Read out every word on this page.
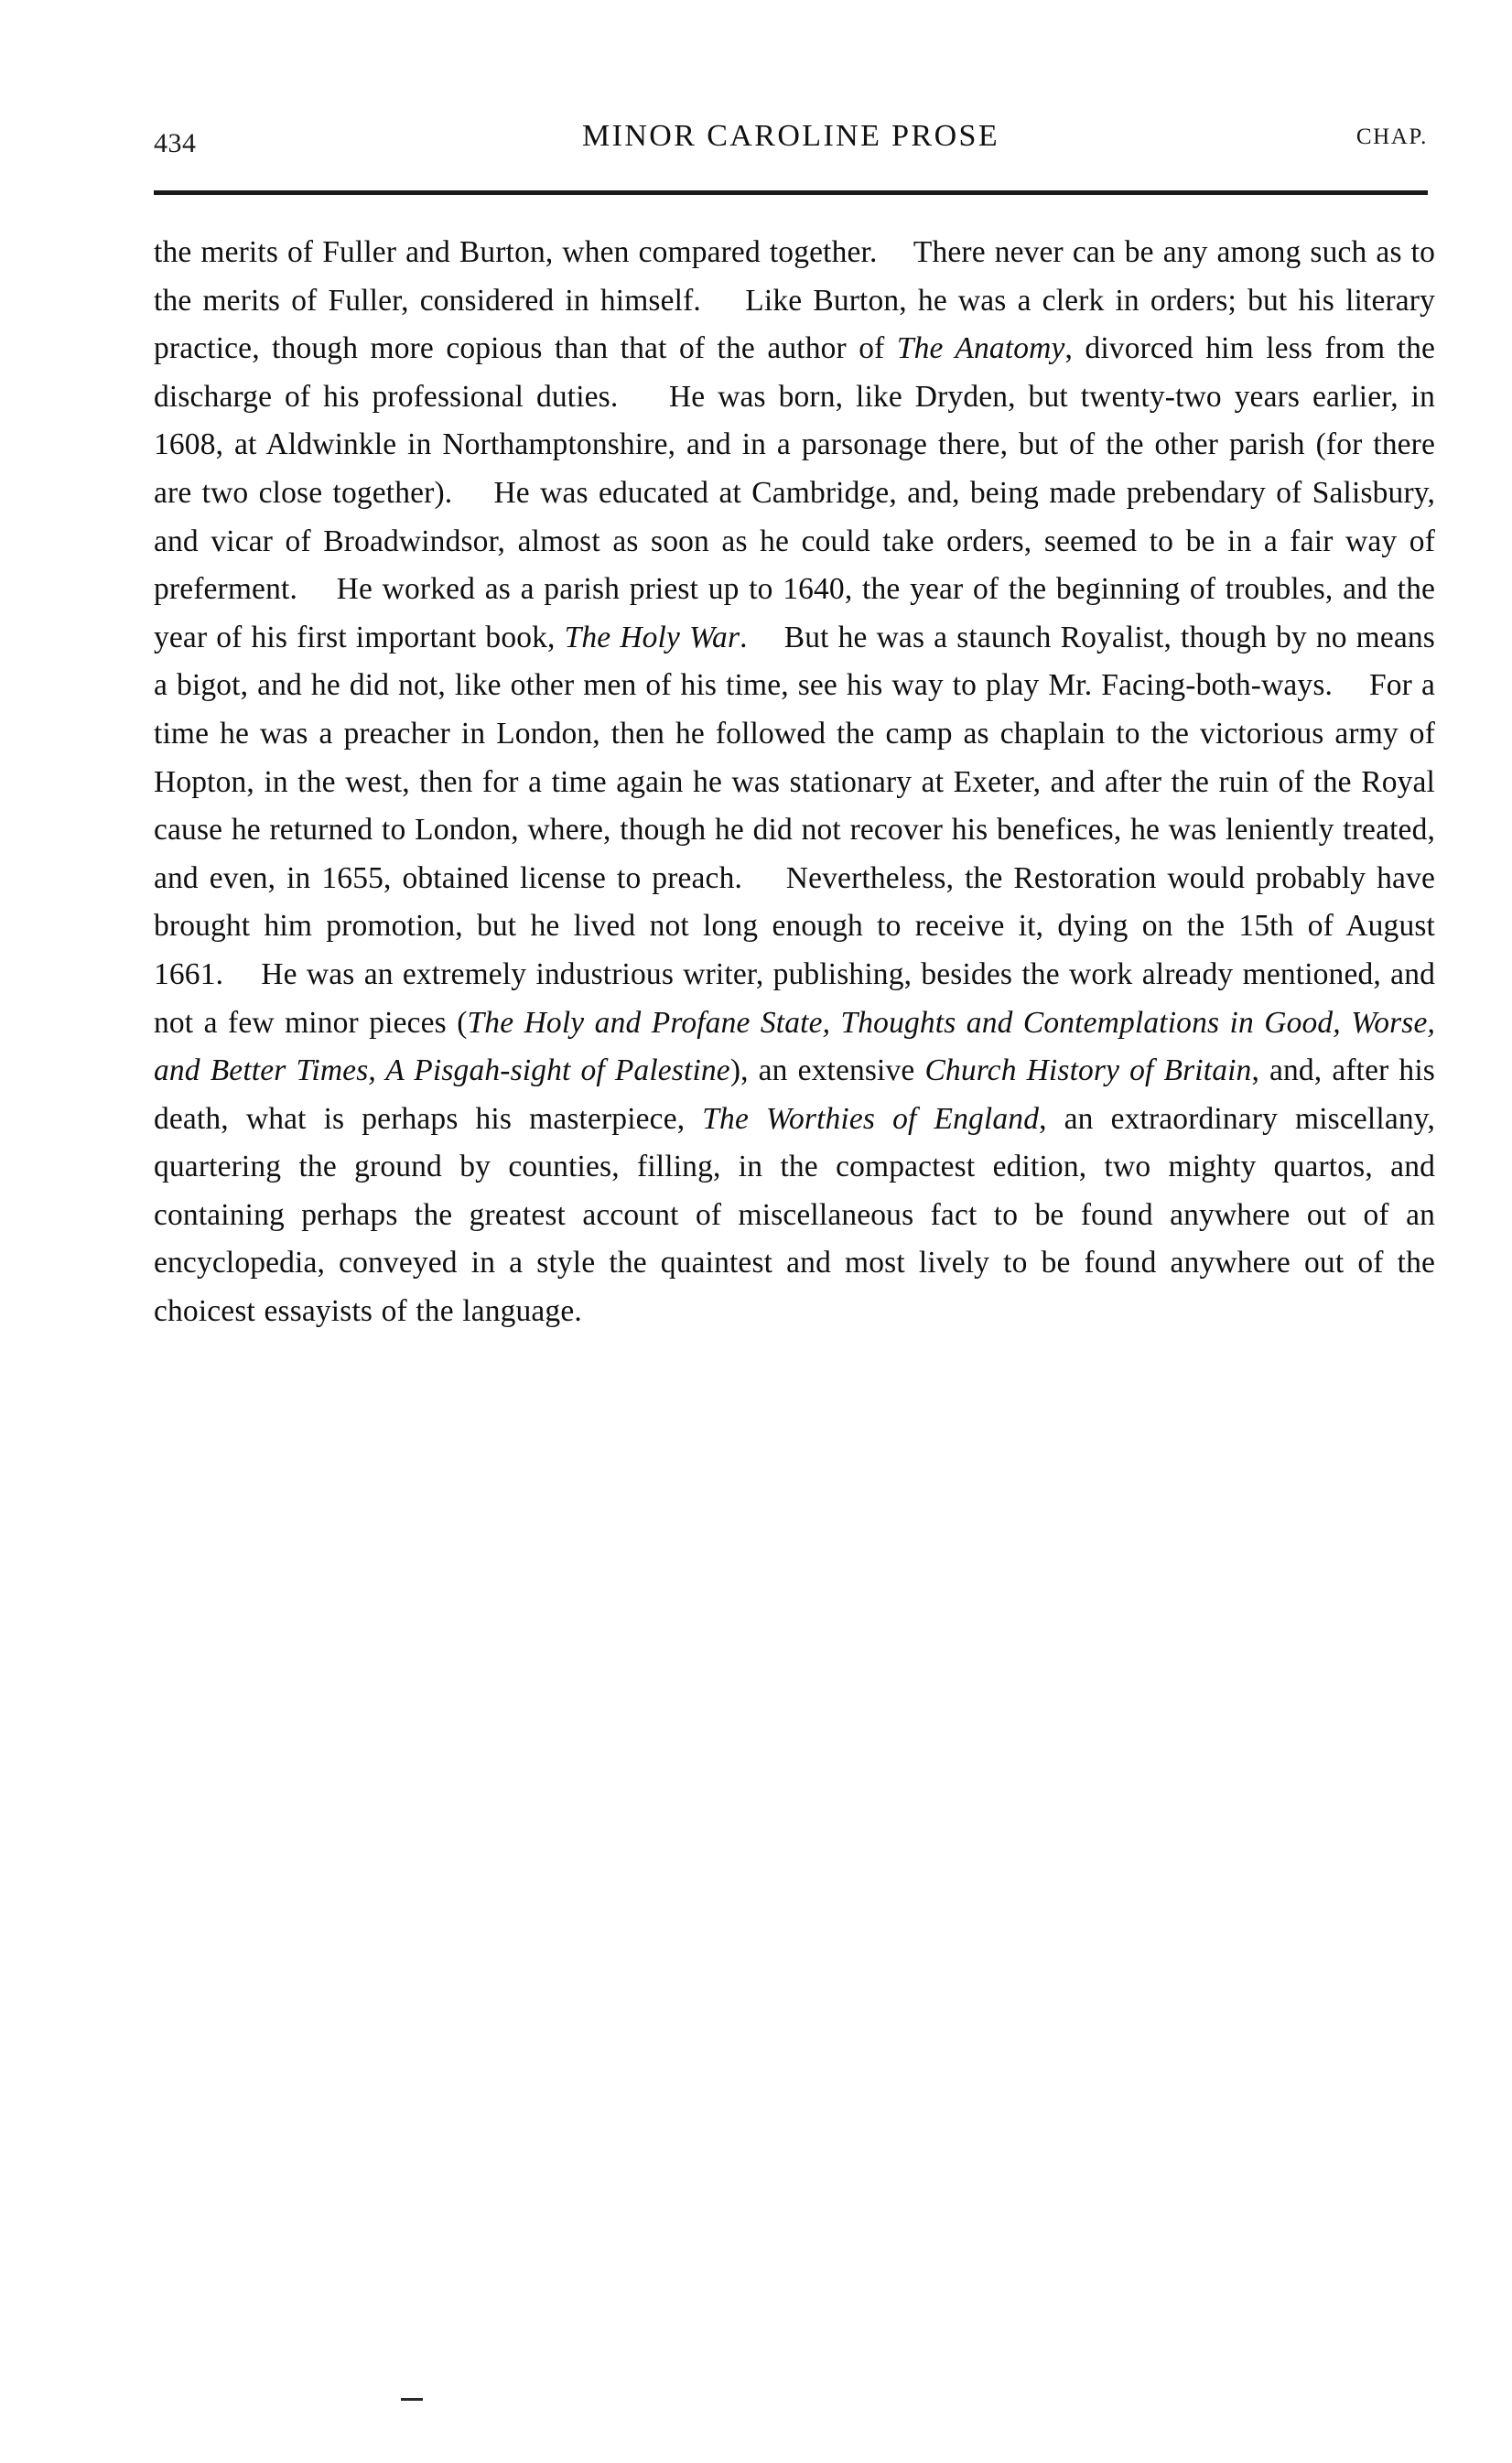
434	MINOR CAROLINE PROSE	CHAP.
the merits of Fuller and Burton, when compared together.    There never can be any among such as to the merits of Fuller, considered in himself.    Like Burton, he was a clerk in orders; but his literary practice, though more copious than that of the author of The Anatomy, divorced him less from the discharge of his professional duties.    He was born, like Dryden, but twenty-two years earlier, in 1608, at Aldwinkle in Northamptonshire, and in a parsonage there, but of the other parish (for there are two close together).    He was educated at Cambridge, and, being made prebendary of Salisbury, and vicar of Broadwindsor, almost as soon as he could take orders, seemed to be in a fair way of preferment.    He worked as a parish priest up to 1640, the year of the beginning of troubles, and the year of his first important book, The Holy War.    But he was a staunch Royalist, though by no means a bigot, and he did not, like other men of his time, see his way to play Mr. Facing-both-ways.    For a time he was a preacher in London, then he followed the camp as chaplain to the victorious army of Hopton, in the west, then for a time again he was stationary at Exeter, and after the ruin of the Royal cause he returned to London, where, though he did not recover his benefices, he was leniently treated, and even, in 1655, obtained license to preach.    Nevertheless, the Restoration would probably have brought him promotion, but he lived not long enough to receive it, dying on the 15th of August 1661.    He was an extremely industrious writer, publishing, besides the work already mentioned, and not a few minor pieces (The Holy and Profane State, Thoughts and Contemplations in Good, Worse, and Better Times, A Pisgah-sight of Palestine), an extensive Church History of Britain, and, after his death, what is perhaps his masterpiece, The Worthies of England, an extraordinary miscellany, quartering the ground by counties, filling, in the compactest edition, two mighty quartos, and containing perhaps the greatest account of miscellaneous fact to be found anywhere out of an encyclopedia, conveyed in a style the quaintest and most lively to be found anywhere out of the choicest essayists of the language.
